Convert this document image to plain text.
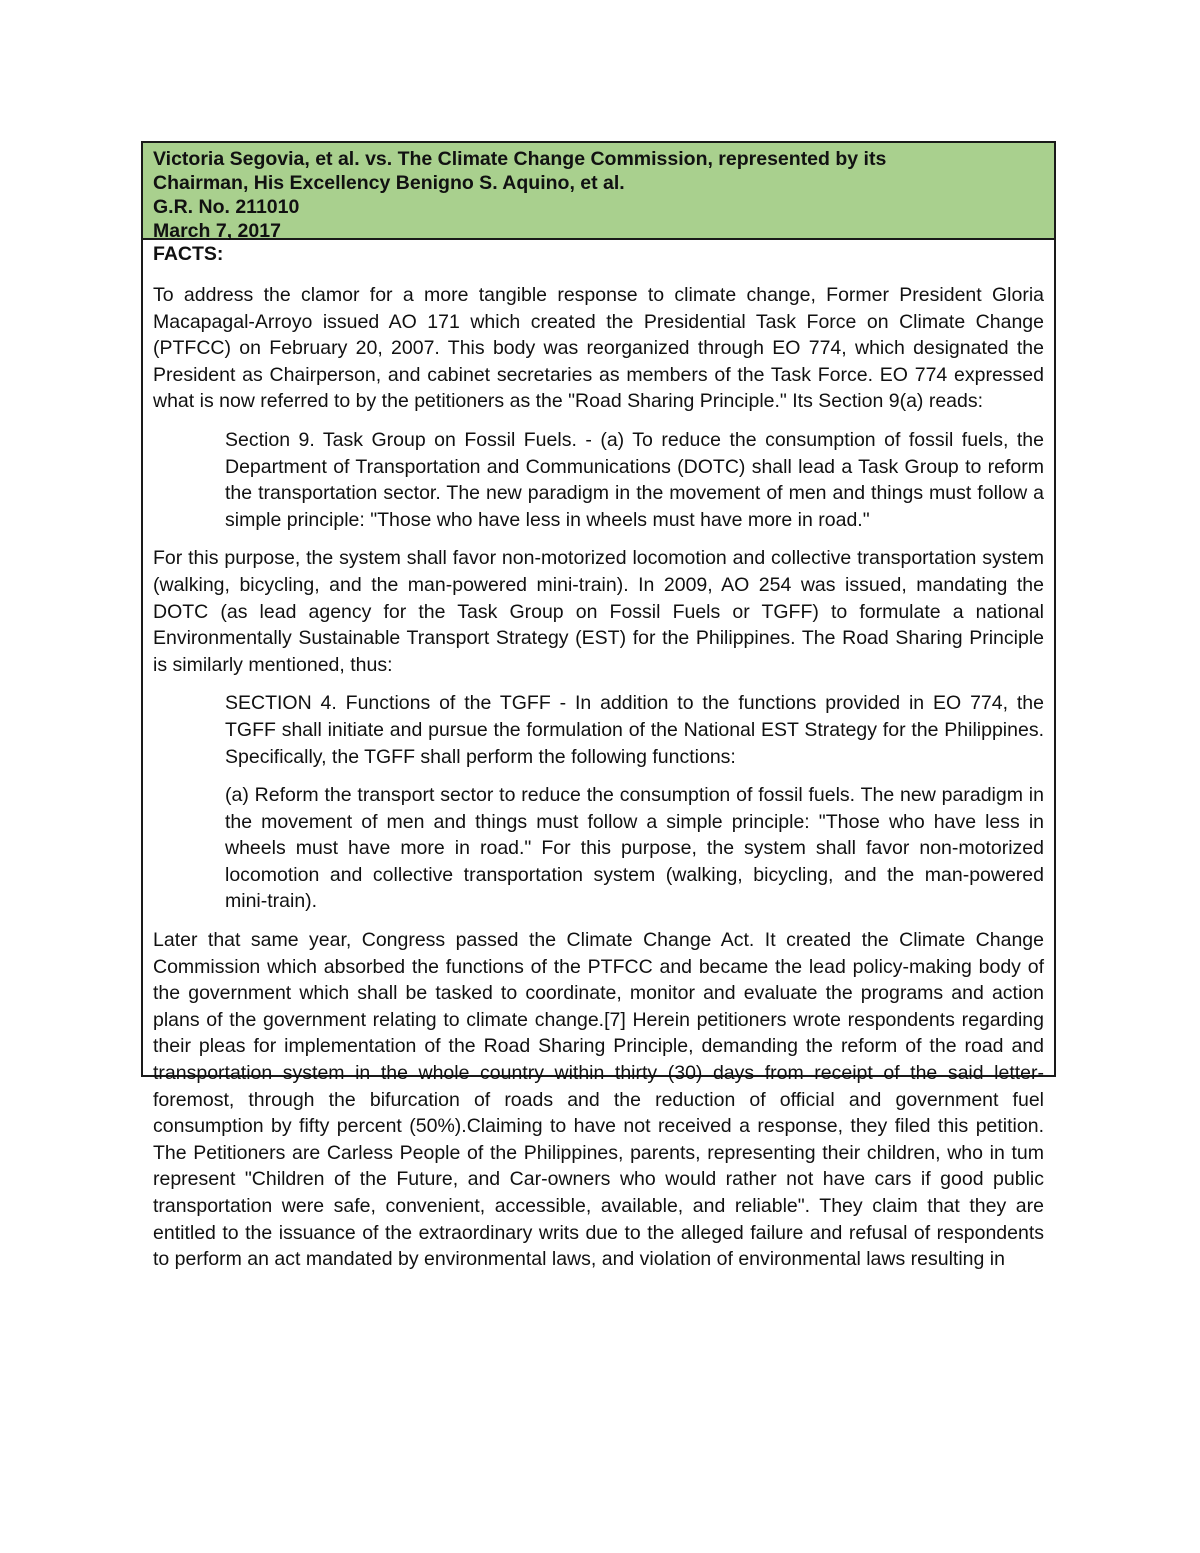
Victoria Segovia, et al. vs. The Climate Change Commission, represented by its
Chairman, His Excellency Benigno S. Aquino, et al.
G.R. No. 211010
March 7, 2017
FACTS:

To address the clamor for a more tangible response to climate change, Former President Gloria Macapagal-Arroyo issued AO 171 which created the Presidential Task Force on Climate Change (PTFCC) on February 20, 2007. This body was reorganized through EO 774, which designated the President as Chairperson, and cabinet secretaries as members of the Task Force. EO 774 expressed what is now referred to by the petitioners as the "Road Sharing Principle." Its Section 9(a) reads:

Section 9. Task Group on Fossil Fuels. - (a) To reduce the consumption of fossil fuels, the Department of Transportation and Communications (DOTC) shall lead a Task Group to reform the transportation sector. The new paradigm in the movement of men and things must follow a simple principle: "Those who have less in wheels must have more in road."

For this purpose, the system shall favor non-motorized locomotion and collective transportation system (walking, bicycling, and the man-powered mini-train). In 2009, AO 254 was issued, mandating the DOTC (as lead agency for the Task Group on Fossil Fuels or TGFF) to formulate a national Environmentally Sustainable Transport Strategy (EST) for the Philippines. The Road Sharing Principle is similarly mentioned, thus:

SECTION 4. Functions of the TGFF - In addition to the functions provided in EO 774, the TGFF shall initiate and pursue the formulation of the National EST Strategy for the Philippines. Specifically, the TGFF shall perform the following functions:

(a) Reform the transport sector to reduce the consumption of fossil fuels. The new paradigm in the movement of men and things must follow a simple principle: "Those who have less in wheels must have more in road." For this purpose, the system shall favor non-motorized locomotion and collective transportation system (walking, bicycling, and the man-powered mini-train).

Later that same year, Congress passed the Climate Change Act. It created the Climate Change Commission which absorbed the functions of the PTFCC and became the lead policy-making body of the government which shall be tasked to coordinate, monitor and evaluate the programs and action plans of the government relating to climate change.[7] Herein petitioners wrote respondents regarding their pleas for implementation of the Road Sharing Principle, demanding the reform of the road and transportation system in the whole country within thirty (30) days from receipt of the said letter-foremost, through the bifurcation of roads and the reduction of official and government fuel consumption by fifty percent (50%).Claiming to have not received a response, they filed this petition. The Petitioners are Carless People of the Philippines, parents, representing their children, who in tum represent "Children of the Future, and Car-owners who would rather not have cars if good public transportation were safe, convenient, accessible, available, and reliable". They claim that they are entitled to the issuance of the extraordinary writs due to the alleged failure and refusal of respondents to perform an act mandated by environmental laws, and violation of environmental laws resulting in
